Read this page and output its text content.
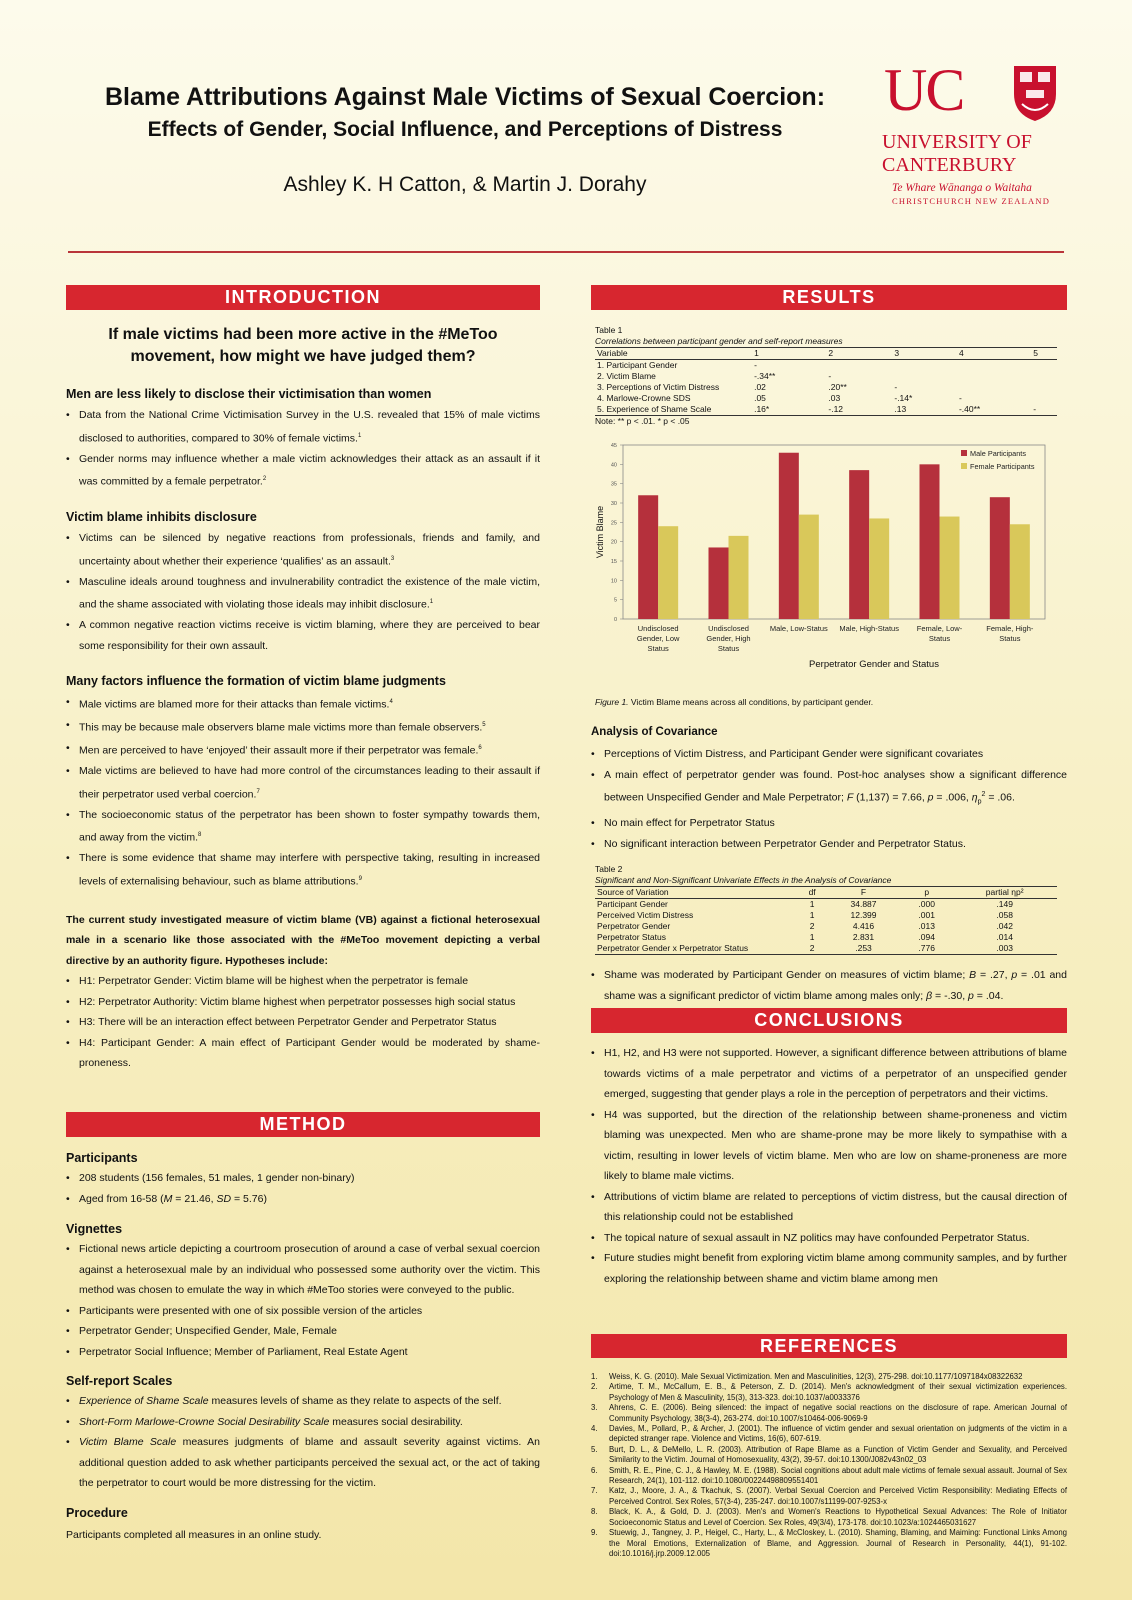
Blame Attributions Against Male Victims of Sexual Coercion:
Effects of Gender, Social Influence, and Perceptions of Distress
Ashley K. H Catton, & Martin J. Dorahy
UC
UNIVERSITY OF
CANTERBURY
Te Whare Wānanga o Waitaha
CHRISTCHURCH NEW ZEALAND
INTRODUCTION
If male victims had been more active in the #MeToo movement, how might we have judged them?
Men are less likely to disclose their victimisation than women
• Data from the National Crime Victimisation Survey in the U.S. revealed that 15% of male victims disclosed to authorities, compared to 30% of female victims.$^1$
• Gender norms may influence whether a male victim acknowledges their attack as an assault if it was committed by a female perpetrator.$^2$
Victim blame inhibits disclosure
• Victims can be silenced by negative reactions from professionals, friends and family, and uncertainty about whether their experience ‘qualifies’ as an assault.$^3$
• Masculine ideals around toughness and invulnerability contradict the existence of the male victim, and the shame associated with violating those ideals may inhibit disclosure.$^1$
• A common negative reaction victims receive is victim blaming, where they are perceived to bear some responsibility for their own assault.
Many factors influence the formation of victim blame judgments
• Male victims are blamed more for their attacks than female victims.$^4$
• This may be because male observers blame male victims more than female observers.$^5$
• Men are perceived to have ‘enjoyed’ their assault more if their perpetrator was female.$^6$
• Male victims are believed to have had more control of the circumstances leading to their assault if their perpetrator used verbal coercion.$^7$
• The socioeconomic status of the perpetrator has been shown to foster sympathy towards them, and away from the victim.$^8$
• There is some evidence that shame may interfere with perspective taking, resulting in increased levels of externalising behaviour, such as blame attributions.$^9$
The current study investigated measure of victim blame (VB) against a fictional heterosexual male in a scenario like those associated with the #MeToo movement depicting a verbal directive by an authority figure. Hypotheses include:
• H1: Perpetrator Gender: Victim blame will be highest when the perpetrator is female
• H2: Perpetrator Authority: Victim blame highest when perpetrator possesses high social status
• H3: There will be an interaction effect between Perpetrator Gender and Perpetrator Status
• H4: Participant Gender: A main effect of Participant Gender would be moderated by shame-proneness.
METHOD
Participants
• 208 students (156 females, 51 males, 1 gender non-binary)
• Aged from 16-58 (M = 21.46, SD = 5.76)
Vignettes
• Fictional news article depicting a courtroom prosecution of around a case of verbal sexual coercion against a heterosexual male by an individual who possessed some authority over the victim. This method was chosen to emulate the way in which #MeToo stories were conveyed to the public.
• Participants were presented with one of six possible version of the articles
• Perpetrator Gender; Unspecified Gender, Male, Female
• Perpetrator Social Influence; Member of Parliament, Real Estate Agent
Self-report Scales
• Experience of Shame Scale measures levels of shame as they relate to aspects of the self.
• Short-Form Marlowe-Crowne Social Desirability Scale measures social desirability.
• Victim Blame Scale measures judgments of blame and assault severity against victims. An additional question added to ask whether participants perceived the sexual act, or the act of taking the perpetrator to court would be more distressing for the victim.
Procedure
Participants completed all measures in an online study.
RESULTS
Table 1
Correlations between participant gender and self-report measures
Variable	1	2	3	4	5
1. Participant Gender	-				
2. Victim Blame	-.34**	-			
3. Perceptions of Victim Distress	.02	.20**	-		
4. Marlowe-Crowne SDS	.05	.03	-.14*	-	
5. Experience of Shame Scale	.16*	-.12	.13	-.40**	-
Note: ** p < .01. * p < .05
0
5
10
15
20
25
30
35
40
45
Undisclosed
Gender, Low
Status
Undisclosed
Gender, High
Status
Male, Low-Status Male, High-Status Female, Low-
Status
Female, High-
Status
Perpetrator Gender and Status
Victim Blame
Male Participants
Female Participants
Figure 1. Victim Blame means across all conditions, by participant gender.
Analysis of Covariance
• Perceptions of Victim Distress, and Participant Gender were significant covariates
• A main effect of perpetrator gender was found. Post-hoc analyses show a significant difference between Unspecified Gender and Male Perpetrator; F (1,137) = 7.66, p = .006, $\eta_p^2 = .06$.
• No main effect for Perpetrator Status
• No significant interaction between Perpetrator Gender and Perpetrator Status.
Table 2
Significant and Non-Significant Univariate Effects in the Analysis of Covariance
Source of Variation	df	F	p	partial ηp²
Participant Gender	1	34.887	.000	.149
Perceived Victim Distress	1	12.399	.001	.058
Perpetrator Gender	2	4.416	.013	.042
Perpetrator Status	1	2.831	.094	.014
Perpetrator Gender x Perpetrator Status	2	.253	.776	.003
• Shame was moderated by Participant Gender on measures of victim blame; B = .27, p = .01 and shame was a significant predictor of victim blame among males only; β = -.30, p = .04.
CONCLUSIONS
• H1, H2, and H3 were not supported. However, a significant difference between attributions of blame towards victims of a male perpetrator and victims of a perpetrator of an unspecified gender emerged, suggesting that gender plays a role in the perception of perpetrators and their victims.
• H4 was supported, but the direction of the relationship between shame-proneness and victim blaming was unexpected. Men who are shame-prone may be more likely to sympathise with a victim, resulting in lower levels of victim blame. Men who are low on shame-proneness are more likely to blame male victims.
• Attributions of victim blame are related to perceptions of victim distress, but the causal direction of this relationship could not be established
• The topical nature of sexual assault in NZ politics may have confounded Perpetrator Status.
• Future studies might benefit from exploring victim blame among community samples, and by further exploring the relationship between shame and victim blame among men
REFERENCES
1.	Weiss, K. G. (2010). Male Sexual Victimization. Men and Masculinities, 12(3), 275-298. doi:10.1177/1097184x08322632
2.	Artime, T. M., McCallum, E. B., & Peterson, Z. D. (2014). Men's acknowledgment of their sexual victimization experiences. Psychology of Men & Masculinity, 15(3), 313-323. doi:10.1037/a0033376
3.	Ahrens, C. E. (2006). Being silenced: the impact of negative social reactions on the disclosure of rape. American Journal of Community Psychology, 38(3-4), 263-274. doi:10.1007/s10464-006-9069-9
4.	Davies, M., Pollard, P., & Archer, J. (2001). The influence of victim gender and sexual orientation on judgments of the victim in a depicted stranger rape. Violence and Victims, 16(6), 607-619.
5.	Burt, D. L., & DeMello, L. R. (2003). Attribution of Rape Blame as a Function of Victim Gender and Sexuality, and Perceived Similarity to the Victim. Journal of Homosexuality, 43(2), 39-57. doi:10.1300/J082v43n02_03
6.	Smith, R. E., Pine, C. J., & Hawley, M. E. (1988). Social cognitions about adult male victims of female sexual assault. Journal of Sex Research, 24(1), 101-112. doi:10.1080/00224498809551401
7.	Katz, J., Moore, J. A., & Tkachuk, S. (2007). Verbal Sexual Coercion and Perceived Victim Responsibility: Mediating Effects of Perceived Control. Sex Roles, 57(3-4), 235-247. doi:10.1007/s11199-007-9253-x
8.	Black, K. A., & Gold, D. J. (2003). Men's and Women's Reactions to Hypothetical Sexual Advances: The Role of Initiator Socioeconomic Status and Level of Coercion. Sex Roles, 49(3/4), 173-178. doi:10.1023/a:1024465031627
9.	Stuewig, J., Tangney, J. P., Heigel, C., Harty, L., & McCloskey, L. (2010). Shaming, Blaming, and Maiming: Functional Links Among the Moral Emotions, Externalization of Blame, and Aggression. Journal of Research in Personality, 44(1), 91-102. doi:10.1016/j.jrp.2009.12.005
